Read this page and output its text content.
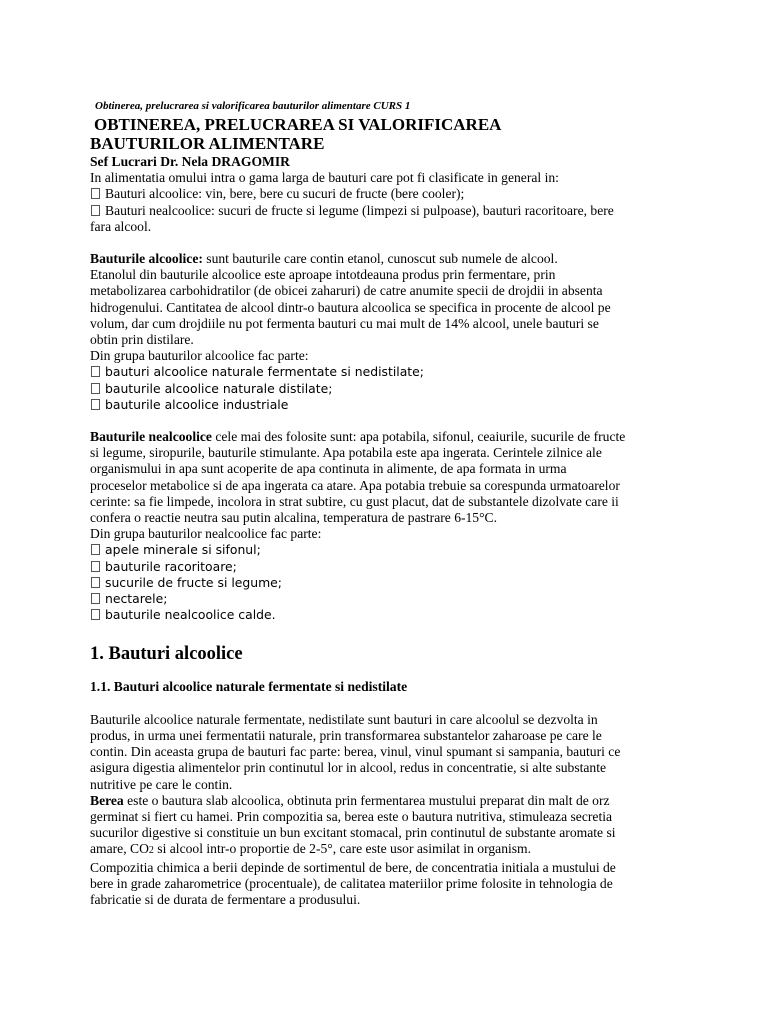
Obtinerea, prelucrarea si valorificarea bauturilor alimentare CURS 1

OBTINEREA, PRELUCRAREA SI VALORIFICAREA
BAUTURILOR ALIMENTARE

Sef Lucrari Dr. Nela DRAGOMIR

In alimentatia omului intra o gama larga de bauturi care pot fi clasificate in general in:

Bauturi alcoolice: vin, bere, bere cu sucuri de fructe (bere cooler);
Bauturi nealcoolice: sucuri de fructe si legume (limpezi si pulpoase), bauturi racoritoare, bere

fara alcool.

Bauturile alcoolice: sunt bauturile care contin etanol, cunoscut sub numele de alcool.

Etanolul din bauturile alcoolice este aproape intotdeauna produs prin fermentare, prin

metabolizarea carbohidratilor (de obicei zaharuri) de catre anumite specii de drojdii in absenta

hidrogenului. Cantitatea de alcool dintr-o bautura alcoolica se specifica in procente de alcool pe

volum, dar cum drojdiile nu pot fermenta bauturi cu mai mult de 14% alcool, unele bauturi se

obtin prin distilare.

Din grupa bauturilor alcoolice fac parte:

bauturi alcoolice naturale fermentate si nedistilate;
bauturile alcoolice naturale distilate;
bauturile alcoolice industriale

Bauturile nealcoolice cele mai des folosite sunt: apa potabila, sifonul, ceaiurile, sucurile de fructe

si legume, siropurile, bauturile stimulante. Apa potabila este apa ingerata. Cerintele zilnice ale

organismului in apa sunt acoperite de apa continuta in alimente, de apa formata in urma

proceselor metabolice si de apa ingerata ca atare. Apa potabia trebuie sa corespunda urmatoarelor

cerinte: sa fie limpede, incolora in strat subtire, cu gust placut, dat de substantele dizolvate care ii

confera o reactie neutra sau putin alcalina, temperatura de pastrare 6-15°C.

Din grupa bauturilor nealcoolice fac parte:

apele minerale si sifonul;
bauturile racoritoare;
sucurile de fructe si legume;
nectarele;
bauturile nealcoolice calde.
1. Bauturi alcoolice
1.1. Bauturi alcoolice naturale fermentate si nedistilate

Bauturile alcoolice naturale fermentate, nedistilate sunt bauturi in care alcoolul se dezvolta in

produs, in urma unei fermentatii naturale, prin transformarea substantelor zaharoase pe care le

contin. Din aceasta grupa de bauturi fac parte: berea, vinul, vinul spumant si sampania, bauturi ce

asigura digestia alimentelor prin continutul lor in alcool, redus in concentratie, si alte substante

nutritive pe care le contin.

Berea este o bautura slab alcoolica, obtinuta prin fermentarea mustului preparat din malt de orz

germinat si fiert cu hamei. Prin compozitia sa, berea este o bautura nutritiva, stimuleaza secretia

sucurilor digestive si constituie un bun excitant stomacal, prin continutul de substante aromate si

amare, CO2 si alcool intr-o proportie de 2-5°, care este usor asimilat in organism.

Compozitia chimica a berii depinde de sortimentul de bere, de concentratia initiala a mustului de

bere in grade zaharometrice (procentuale), de calitatea materiilor prime folosite in tehnologia de

fabricatie si de durata de fermentare a produsului.
